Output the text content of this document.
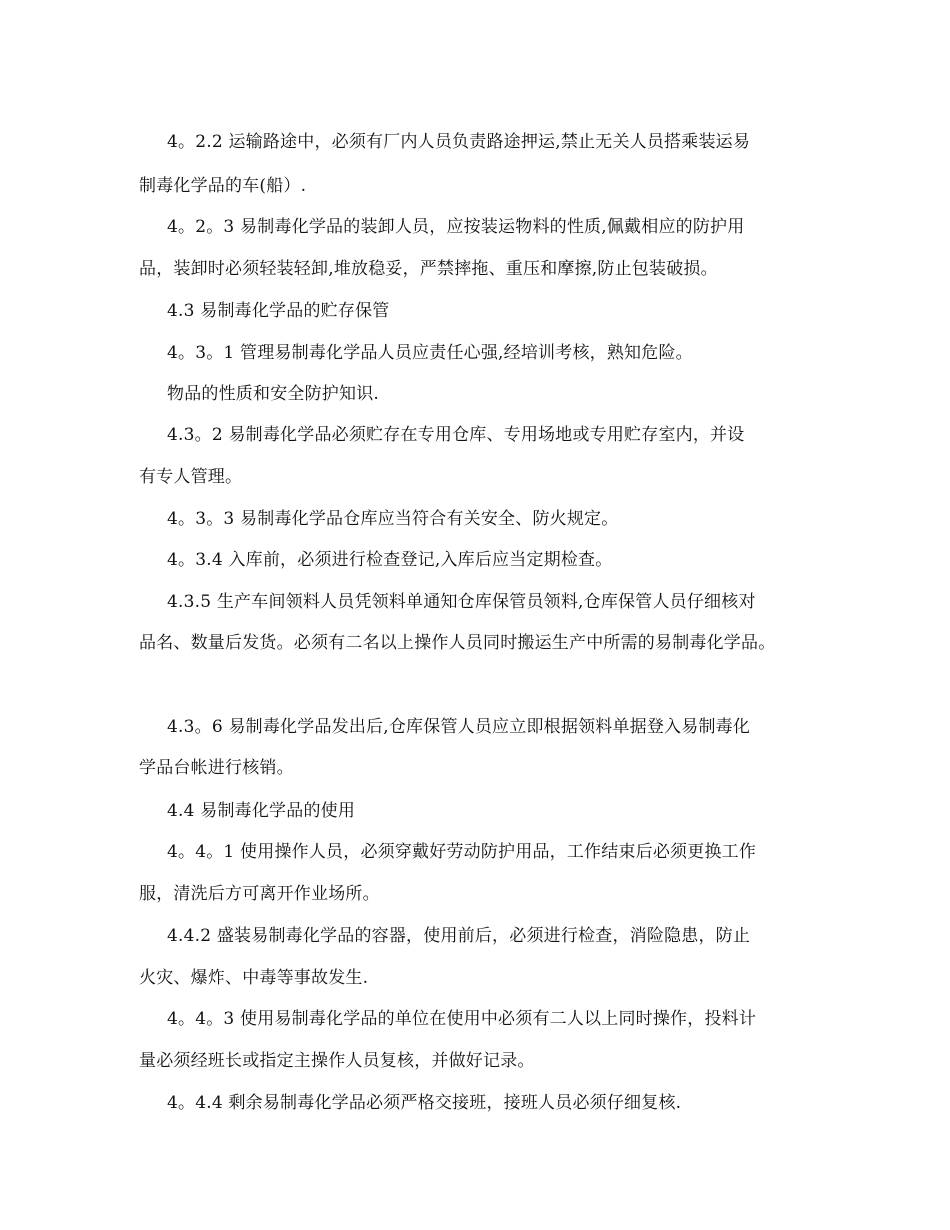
4。2.2 运输路途中，必须有厂内人员负责路途押运,禁止无关人员搭乘装运易
制毒化学品的车(船）.
4。2。3 易制毒化学品的装卸人员，应按装运物料的性质,佩戴相应的防护用
品，装卸时必须轻装轻卸,堆放稳妥，严禁摔拖、重压和摩擦,防止包装破损。
4.3 易制毒化学品的贮存保管
4。3。1 管理易制毒化学品人员应责任心强,经培训考核，熟知危险。
物品的性质和安全防护知识.
4.3。2 易制毒化学品必须贮存在专用仓库、专用场地或专用贮存室内，并设
有专人管理。
4。3。3 易制毒化学品仓库应当符合有关安全、防火规定。
4。3.4 入库前，必须进行检查登记,入库后应当定期检查。
4.3.5 生产车间领料人员凭领料单通知仓库保管员领料,仓库保管人员仔细核对
品名、数量后发货。必须有二名以上操作人员同时搬运生产中所需的易制毒化学品。
4.3。6 易制毒化学品发出后,仓库保管人员应立即根据领料单据登入易制毒化
学品台帐进行核销。
4.4 易制毒化学品的使用
4。4。1 使用操作人员，必须穿戴好劳动防护用品，工作结束后必须更换工作
服，清洗后方可离开作业场所。
4.4.2 盛装易制毒化学品的容器，使用前后，必须进行检查，消险隐患，防止
火灾、爆炸、中毒等事故发生.
4。4。3 使用易制毒化学品的单位在使用中必须有二人以上同时操作，投料计
量必须经班长或指定主操作人员复核，并做好记录。
4。4.4 剩余易制毒化学品必须严格交接班，接班人员必须仔细复核.
